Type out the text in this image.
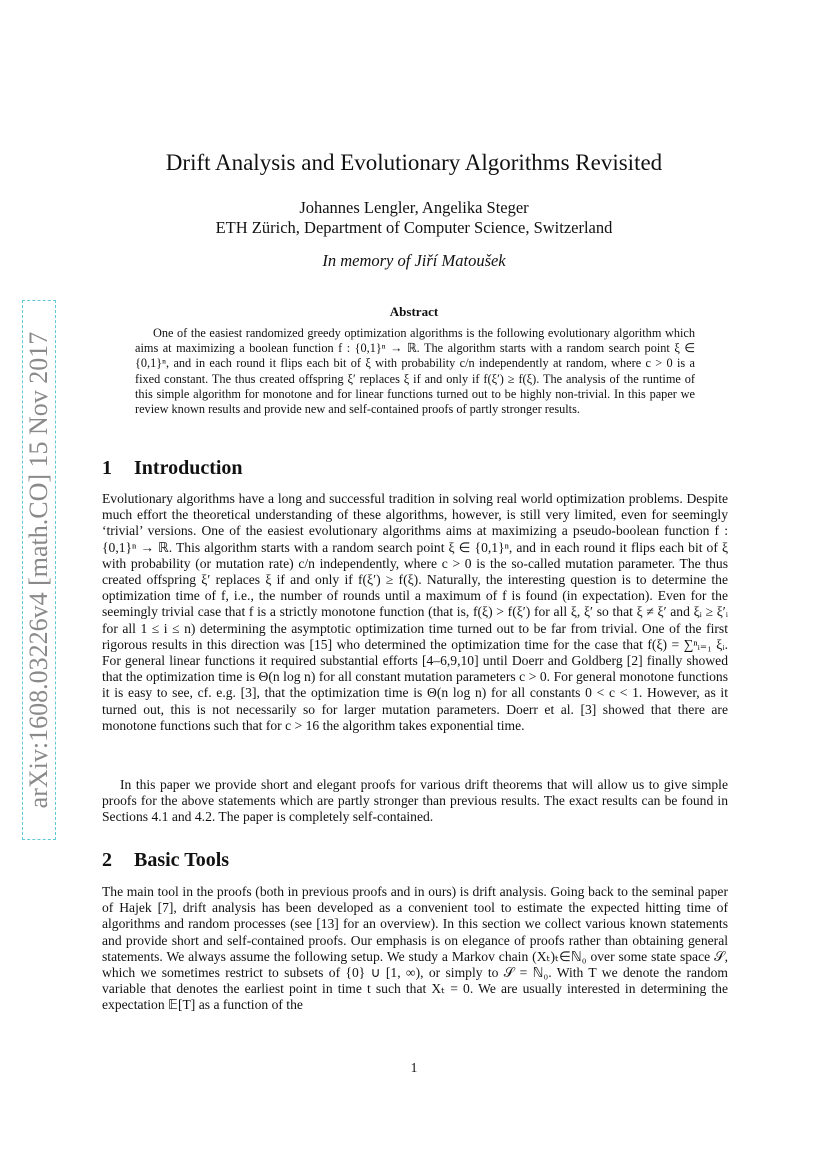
arXiv:1608.03226v4 [math.CO] 15 Nov 2017
Drift Analysis and Evolutionary Algorithms Revisited
Johannes Lengler, Angelika Steger
ETH Zürich, Department of Computer Science, Switzerland
In memory of Jiří Matoušek
Abstract

One of the easiest randomized greedy optimization algorithms is the following evolutionary algorithm which aims at maximizing a boolean function f : {0,1}ⁿ → ℝ. The algorithm starts with a random search point ξ ∈ {0,1}ⁿ, and in each round it flips each bit of ξ with probability c/n independently at random, where c > 0 is a fixed constant. The thus created offspring ξ′ replaces ξ if and only if f(ξ′) ≥ f(ξ). The analysis of the runtime of this simple algorithm for monotone and for linear functions turned out to be highly non-trivial. In this paper we review known results and provide new and self-contained proofs of partly stronger results.

1 Introduction

Evolutionary algorithms have a long and successful tradition in solving real world optimization problems. Despite much effort the theoretical understanding of these algorithms, however, is still very limited, even for seemingly ‘trivial’ versions. One of the easiest evolutionary algorithms aims at maximizing a pseudo-boolean function f : {0,1}ⁿ → ℝ. This algorithm starts with a random search point ξ ∈ {0,1}ⁿ, and in each round it flips each bit of ξ with probability (or mutation rate) c/n independently, where c > 0 is the so-called mutation parameter. The thus created offspring ξ′ replaces ξ if and only if f(ξ′) ≥ f(ξ). Naturally, the interesting question is to determine the optimization time of f, i.e., the number of rounds until a maximum of f is found (in expectation). Even for the seemingly trivial case that f is a strictly monotone function (that is, f(ξ) > f(ξ′) for all ξ, ξ′ so that ξ ≠ ξ′ and ξᵢ ≥ ξ′ᵢ for all 1 ≤ i ≤ n) determining the asymptotic optimization time turned out to be far from trivial. One of the first rigorous results in this direction was [15] who determined the optimization time for the case that f(ξ) = ∑ⁿᵢ₌₁ ξᵢ. For general linear functions it required substantial efforts [4–6,9,10] until Doerr and Goldberg [2] finally showed that the optimization time is Θ(n log n) for all constant mutation parameters c > 0. For general monotone functions it is easy to see, cf. e.g. [3], that the optimization time is Θ(n log n) for all constants 0 < c < 1. However, as it turned out, this is not necessarily so for larger mutation parameters. Doerr et al. [3] showed that there are monotone functions such that for c > 16 the algorithm takes exponential time.

In this paper we provide short and elegant proofs for various drift theorems that will allow us to give simple proofs for the above statements which are partly stronger than previous results. The exact results can be found in Sections 4.1 and 4.2. The paper is completely self-contained.

2 Basic Tools

The main tool in the proofs (both in previous proofs and in ours) is drift analysis. Going back to the seminal paper of Hajek [7], drift analysis has been developed as a convenient tool to estimate the expected hitting time of algorithms and random processes (see [13] for an overview). In this section we collect various known statements and provide short and self-contained proofs. Our emphasis is on elegance of proofs rather than obtaining general statements. We always assume the following setup. We study a Markov chain (Xₜ)ₜ∈ℕ₀ over some state space 𝒮, which we sometimes restrict to subsets of {0} ∪ [1, ∞), or simply to 𝒮 = ℕ₀. With T we denote the random variable that denotes the earliest point in time t such that Xₜ = 0. We are usually interested in determining the expectation 𝔼[T] as a function of the

1
